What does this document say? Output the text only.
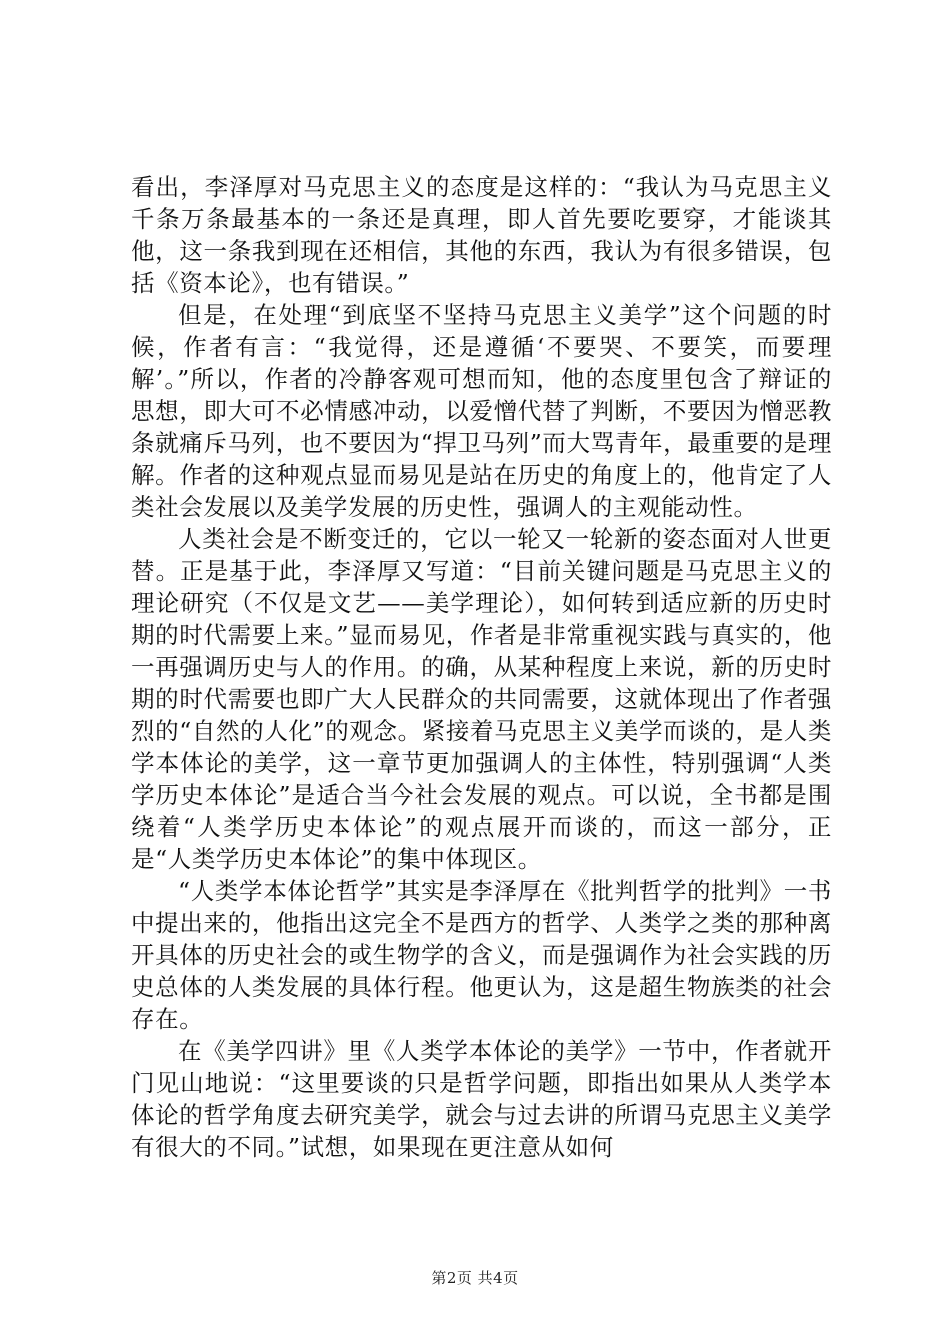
看出，李泽厚对马克思主义的态度是这样的：“我认为马克思主义千条万条最基本的一条还是真理，即人首先要吃要穿，才能谈其他，这一条我到现在还相信，其他的东西，我认为有很多错误，包括《资本论》，也有错误。”

但是，在处理“到底坚不坚持马克思主义美学”这个问题的时候，作者有言：“我觉得，还是遵循‘不要哭、不要笑，而要理解’。”所以，作者的冷静客观可想而知，他的态度里包含了辩证的思想，即大可不必情感冲动，以爱憎代替了判断，不要因为憎恶教条就痛斥马列，也不要因为“捍卫马列”而大骂青年，最重要的是理解。作者的这种观点显而易见是站在历史的角度上的，他肯定了人类社会发展以及美学发展的历史性，强调人的主观能动性。

人类社会是不断变迁的，它以一轮又一轮新的姿态面对人世更替。正是基于此，李泽厚又写道：“目前关键问题是马克思主义的理论研究（不仅是文艺——美学理论），如何转到适应新的历史时期的时代需要上来。”显而易见，作者是非常重视实践与真实的，他一再强调历史与人的作用。的确，从某种程度上来说，新的历史时期的时代需要也即广大人民群众的共同需要，这就体现出了作者强烈的“自然的人化”的观念。紧接着马克思主义美学而谈的，是人类学本体论的美学，这一章节更加强调人的主体性，特别强调“人类学历史本体论”是适合当今社会发展的观点。可以说，全书都是围绕着“人类学历史本体论”的观点展开而谈的，而这一部分，正是“人类学历史本体论”的集中体现区。

“人类学本体论哲学”其实是李泽厚在《批判哲学的批判》一书中提出来的，他指出这完全不是西方的哲学、人类学之类的那种离开具体的历史社会的或生物学的含义，而是强调作为社会实践的历史总体的人类发展的具体行程。他更认为，这是超生物族类的社会存在。

在《美学四讲》里《人类学本体论的美学》一节中，作者就开门见山地说：“这里要谈的只是哲学问题，即指出如果从人类学本体论的哲学角度去研究美学，就会与过去讲的所谓马克思主义美学有很大的不同。”试想，如果现在更注意从如何

第2页 共4页
